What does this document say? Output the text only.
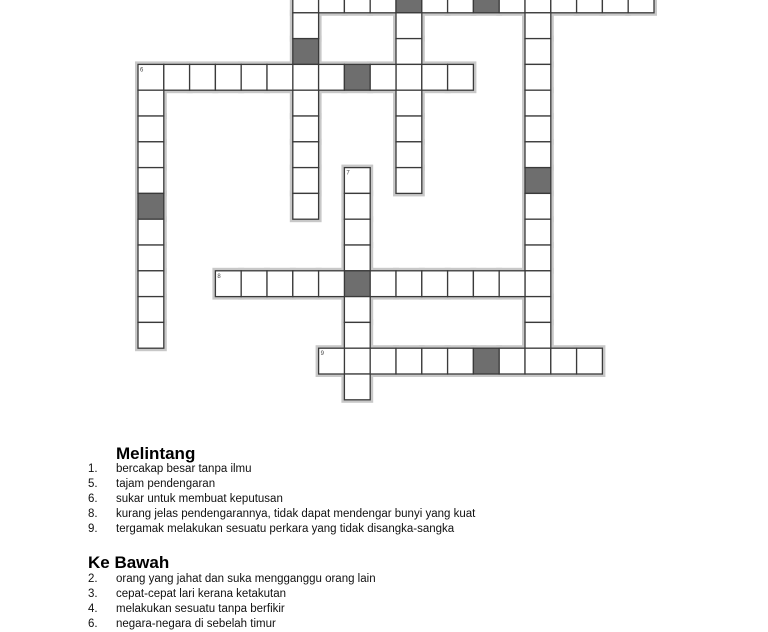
6
7
8
9
Melintang
1. bercakap besar tanpa ilmu
5. tajam pendengaran
6. sukar untuk membuat keputusan
8. kurang jelas pendengarannya, tidak dapat mendengar bunyi yang kuat
9. tergamak melakukan sesuatu perkara yang tidak disangka-sangka
Ke Bawah
2. orang yang jahat dan suka mengganggu orang lain
3. cepat-cepat lari kerana ketakutan
4. melakukan sesuatu tanpa berfikir
6. negara-negara di sebelah timur
